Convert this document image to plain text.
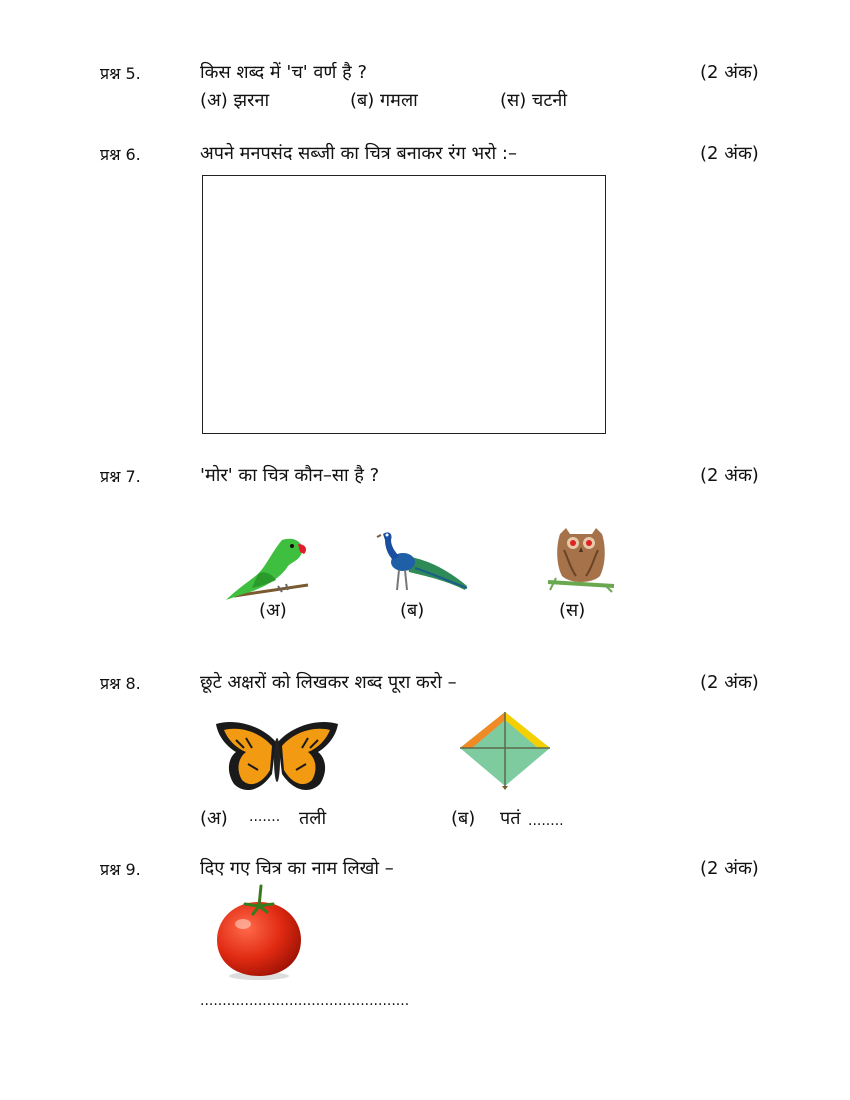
प्रश्न 5.	किस शब्द में 'च' वर्ण है ?	(2 अंक)
(अ) झरना	(ब) गमला	(स) चटनी
प्रश्न 6.	अपने मनपसंद सब्जी का चित्र बनाकर रंग भरो :–	(2 अंक)
प्रश्न 7.	'मोर' का चित्र कौन–सा है ?	(2 अंक)
(अ)	(ब)	(स)
प्रश्न 8.	छूटे अक्षरों को लिखकर शब्द पूरा करो –	(2 अंक)
(अ) ....... तली	(ब) पतं ........
प्रश्न 9.	दिए गए चित्र का नाम लिखो –	(2 अंक)
...............................................
